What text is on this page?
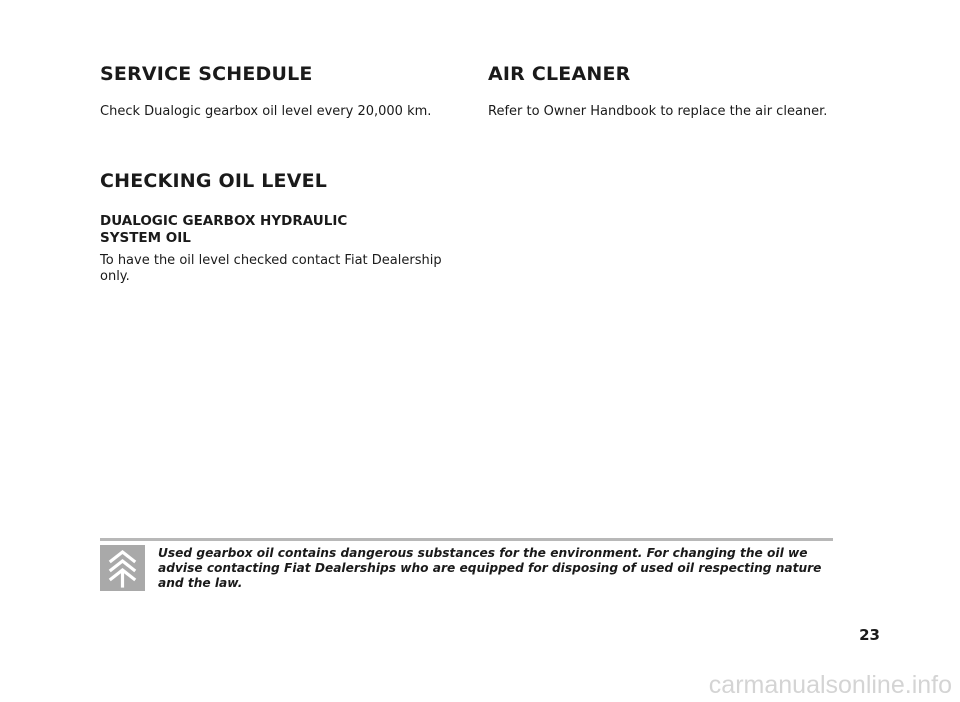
SERVICE SCHEDULE

Check Dualogic gearbox oil level every 20,000 km.

CHECKING OIL LEVEL
DUALOGIC GEARBOX HYDRAULIC SYSTEM OIL

To have the oil level checked contact Fiat Dealership only.

AIR CLEANER

Refer to Owner Handbook to replace the air cleaner.

Used gearbox oil contains dangerous substances for the environment. For changing the oil we advise contacting Fiat Dealerships who are equipped for disposing of used oil respecting nature and the law.

23
carmanualsonline.info
